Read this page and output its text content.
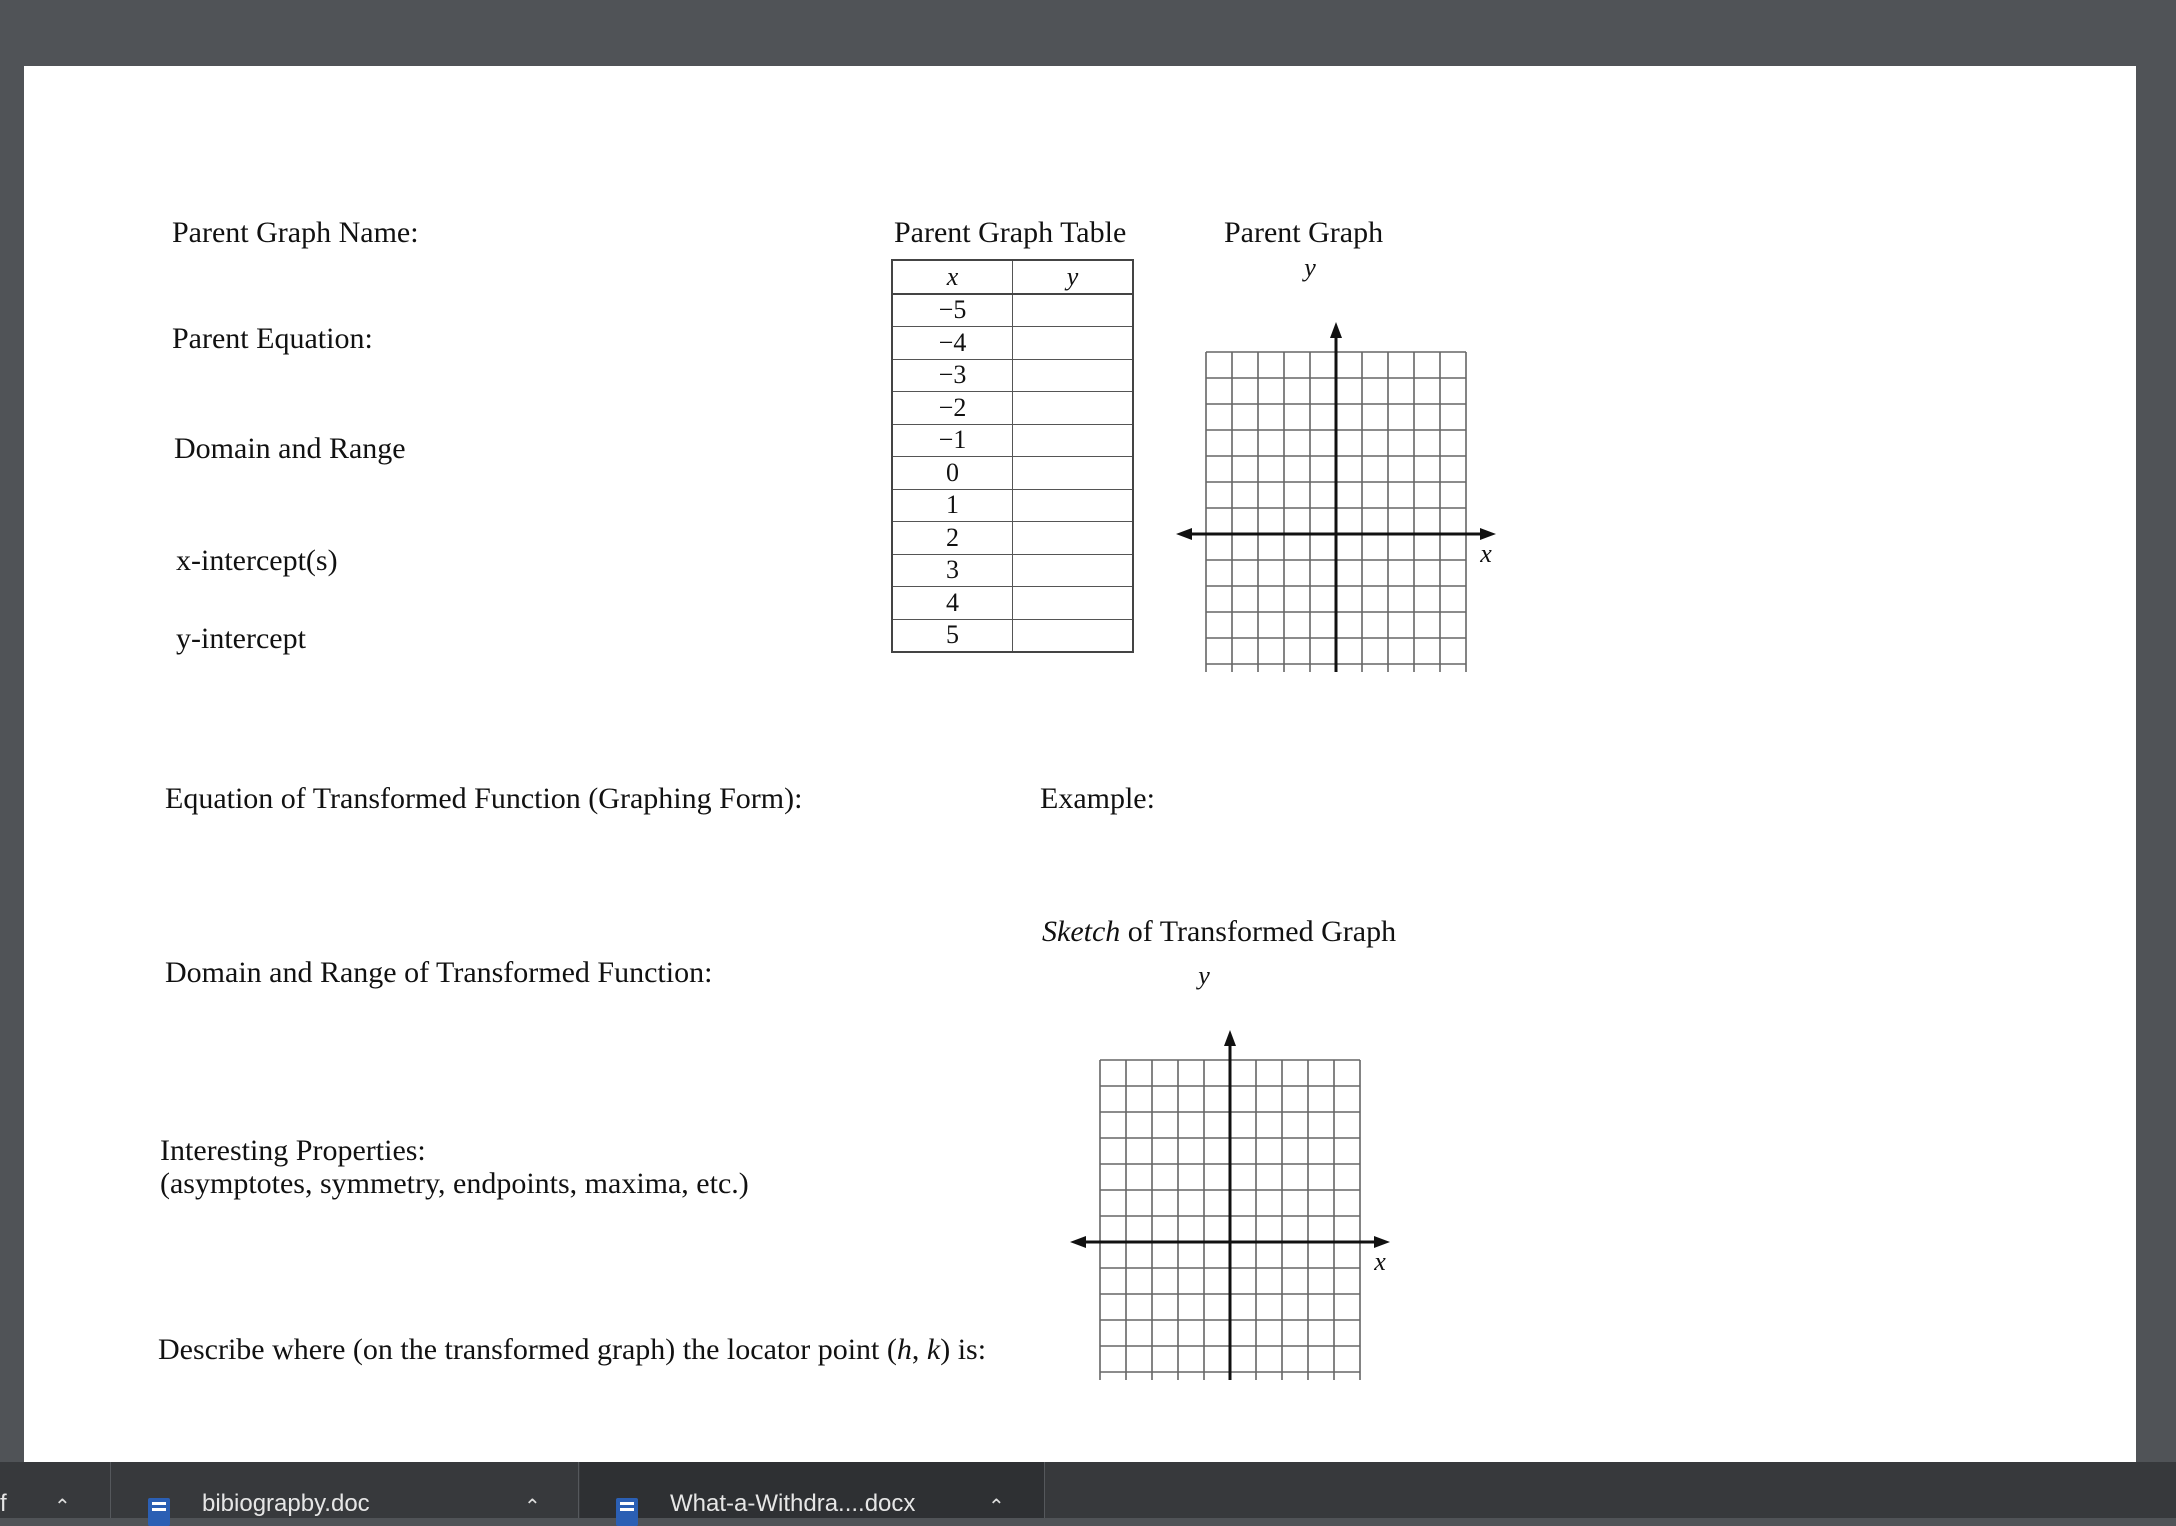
Parent Graph Name:
Parent Equation:
Domain and Range
x-intercept(s)
y-intercept
Parent Graph Table
x	y
−5	
−4	
−3	
−2	
−1	
0	
1	
2	
3	
4	
5	
Parent Graph
y
x
Equation of Transformed Function (Graphing Form):	Example:
Domain and Range of Transformed Function:
Interesting Properties:
(asymptotes, symmetry, endpoints, maxima, etc.)
Describe where (on the transformed graph) the locator point (h, k) is:
Sketch of Transformed Graph
y
x
f ⌃	bibiograpby.doc	⌃	What-a-Withdra....docx	⌃
